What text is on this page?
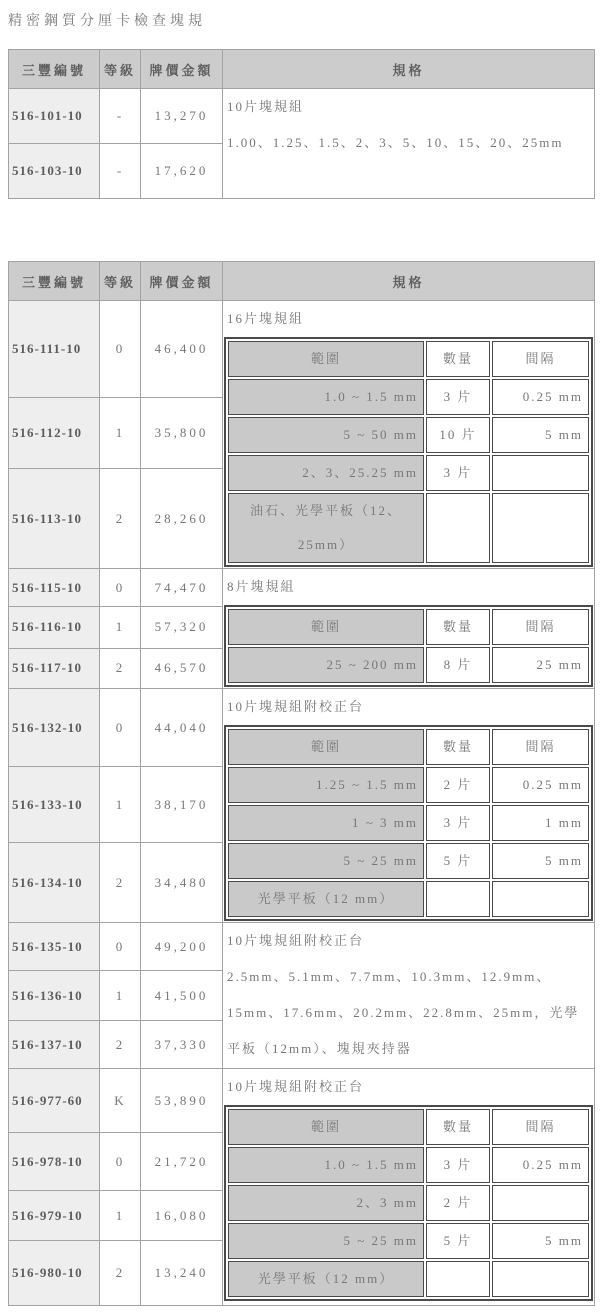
精密鋼質分厘卡檢查塊規
三豐編號	等級	牌價金額	規格
516-101-10	-	13,270	10片塊規組
1.00、1.25、1.5、2、3、5、10、15、20、25mm

516-103-10	-	17,620	
三豐編號	等級	牌價金額	規格
516-111-10	0	46,400	
16片塊規組
範圍	數量	間隔
1.0 ~ 1.5 mm	3 片	0.25 mm
5 ~ 50 mm	10 片	5 mm
2、3、25.25 mm	3 片	
油石、光學平板（12、25mm）		

516-112-10	1	35,800
516-113-10	2	28,260
516-115-10	0	74,470	8片塊規組
範圍	數量	間隔
25 ~ 200 mm	8 片	25 mm

516-116-10	1	57,320
516-117-10	2	46,570
516-132-10	0	44,040	
10片塊規組附校正台
範圍	數量	間隔
1.25 ~ 1.5 mm	2 片	0.25 mm
1 ~ 3 mm	3 片	1 mm
5 ~ 25 mm	5 片	5 mm
光學平板（12 mm）		

516-133-10	1	38,170
516-134-10	2	34,480
516-135-10	0	49,200	10片塊規組附校正台
2.5mm、5.1mm、7.7mm、10.3mm、12.9mm、15mm、17.6mm、20.2mm、22.8mm、25mm，光學平板（12mm）、塊規夾持器

516-136-10	1	41,500
516-137-10	2	37,330
516-977-60	K	53,890	
10片塊規組附校正台
範圍	數量	間隔
1.0 ~ 1.5 mm	3 片	0.25 mm
2、3 mm	2 片	
5 ~ 25 mm	5 片	5 mm
光學平板（12 mm）		

516-978-10	0	21,720
516-979-10	1	16,080
516-980-10	2	13,240
